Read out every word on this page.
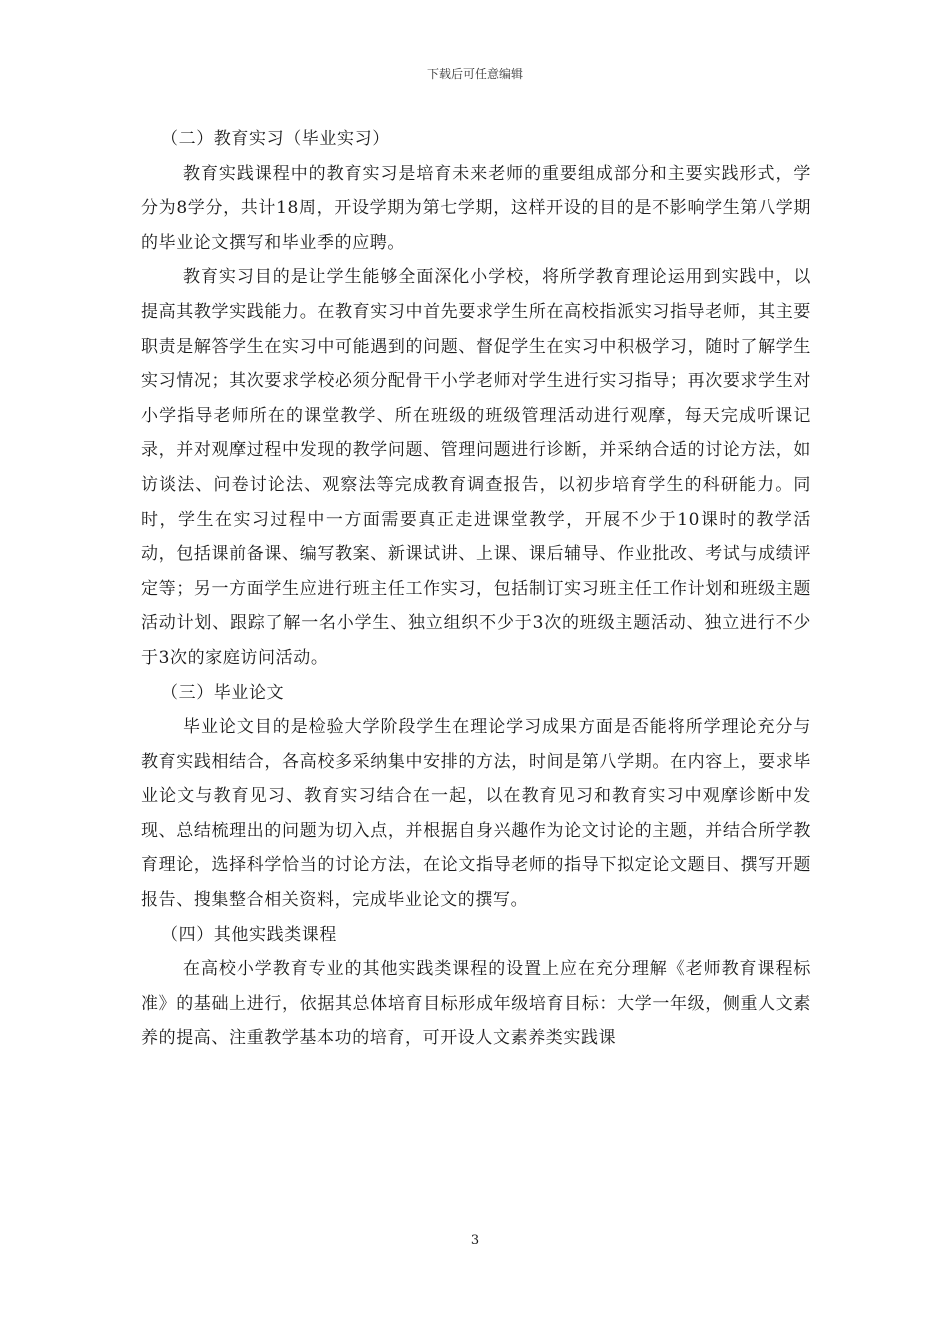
下载后可任意编辑

（二）教育实习（毕业实习）

教育实践课程中的教育实习是培育未来老师的重要组成部分和主要实践形式，学分为8学分，共计18周，开设学期为第七学期，这样开设的目的是不影响学生第八学期的毕业论文撰写和毕业季的应聘。

教育实习目的是让学生能够全面深化小学校，将所学教育理论运用到实践中，以提高其教学实践能力。在教育实习中首先要求学生所在高校指派实习指导老师，其主要职责是解答学生在实习中可能遇到的问题、督促学生在实习中积极学习，随时了解学生实习情况；其次要求学校必须分配骨干小学老师对学生进行实习指导；再次要求学生对小学指导老师所在的课堂教学、所在班级的班级管理活动进行观摩，每天完成听课记录，并对观摩过程中发现的教学问题、管理问题进行诊断，并采纳合适的讨论方法，如访谈法、问卷讨论法、观察法等完成教育调查报告，以初步培育学生的科研能力。同时，学生在实习过程中一方面需要真正走进课堂教学，开展不少于10课时的教学活动，包括课前备课、编写教案、新课试讲、上课、课后辅导、作业批改、考试与成绩评定等；另一方面学生应进行班主任工作实习，包括制订实习班主任工作计划和班级主题活动计划、跟踪了解一名小学生、独立组织不少于3次的班级主题活动、独立进行不少于3次的家庭访问活动。

（三）毕业论文

毕业论文目的是检验大学阶段学生在理论学习成果方面是否能将所学理论充分与教育实践相结合，各高校多采纳集中安排的方法，时间是第八学期。在内容上，要求毕业论文与教育见习、教育实习结合在一起，以在教育见习和教育实习中观摩诊断中发现、总结梳理出的问题为切入点，并根据自身兴趣作为论文讨论的主题，并结合所学教育理论，选择科学恰当的讨论方法，在论文指导老师的指导下拟定论文题目、撰写开题报告、搜集整合相关资料，完成毕业论文的撰写。

（四）其他实践类课程

在高校小学教育专业的其他实践类课程的设置上应在充分理解《老师教育课程标准》的基础上进行，依据其总体培育目标形成年级培育目标：大学一年级，侧重人文素养的提高、注重教学基本功的培育，可开设人文素养类实践课

3
